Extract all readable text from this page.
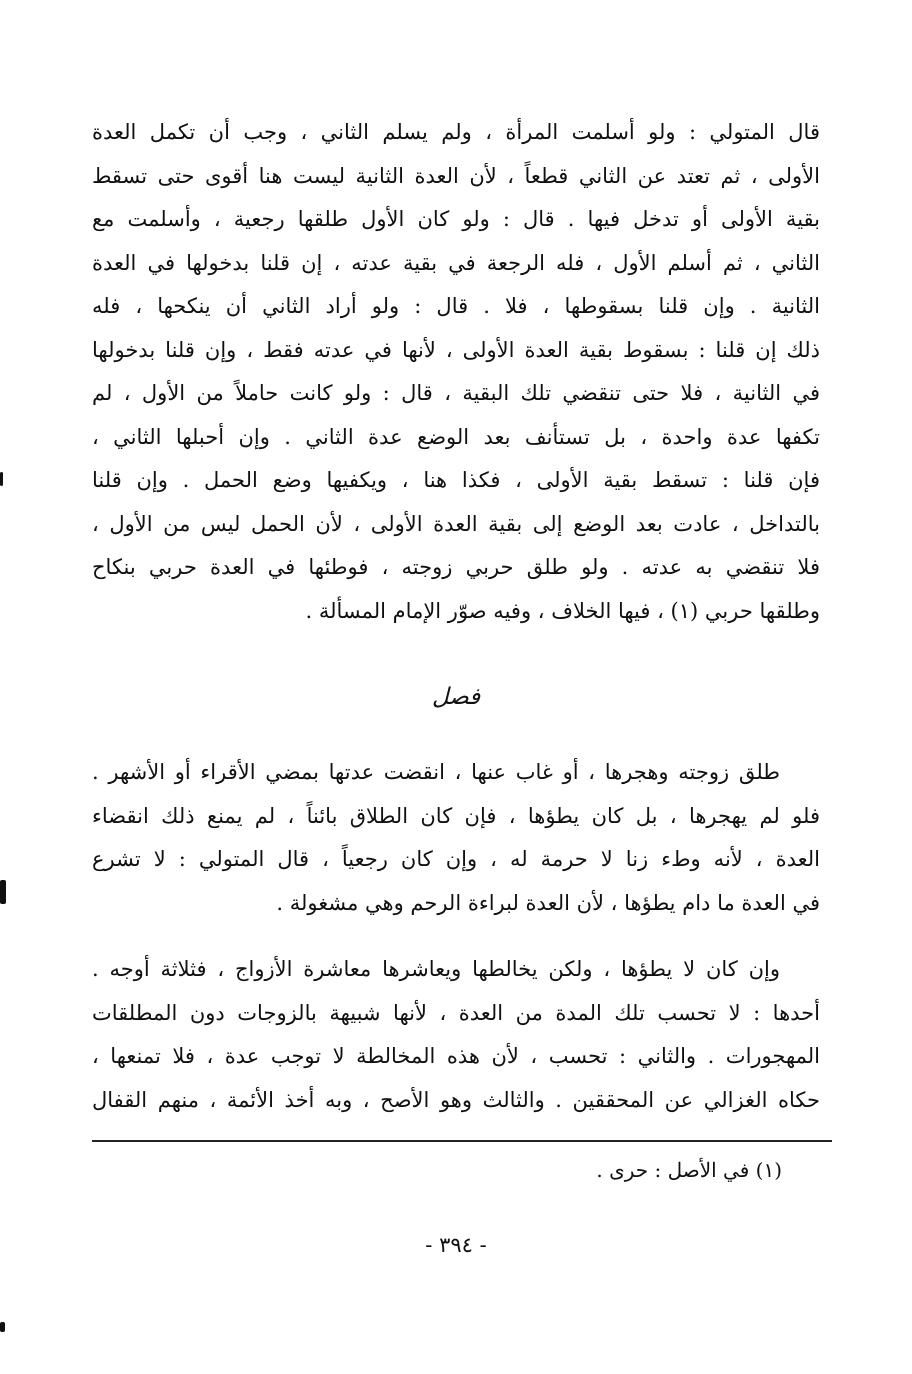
قال المتولي : ولو أسلمت المرأة ، ولم يسلم الثاني ، وجب أن تكمل العدة
الأولى ، ثم تعتد عن الثاني قطعاً ، لأن العدة الثانية ليست هنا أقوى حتى تسقط
بقية الأولى أو تدخل فيها . قال : ولو كان الأول طلقها رجعية ، وأسلمت مع
الثاني ، ثم أسلم الأول ، فله الرجعة في بقية عدته ، إن قلنا بدخولها في العدة
الثانية . وإن قلنا بسقوطها ، فلا . قال : ولو أراد الثاني أن ينكحها ، فله
ذلك إن قلنا : بسقوط بقية العدة الأولى ، لأنها في عدته فقط ، وإن قلنا بدخولها
في الثانية ، فلا حتى تنقضي تلك البقية ، قال : ولو كانت حاملاً من الأول ، لم
تكفها عدة واحدة ، بل تستأنف بعد الوضع عدة الثاني . وإن أحبلها الثاني ،
فإن قلنا : تسقط بقية الأولى ، فكذا هنا ، ويكفيها وضع الحمل . وإن قلنا
بالتداخل ، عادت بعد الوضع إلى بقية العدة الأولى ، لأن الحمل ليس من الأول ،
فلا تنقضي به عدته . ولو طلق حربي زوجته ، فوطئها في العدة حربي بنكاح
وطلقها حربي (١) ، فيها الخلاف ، وفيه صوّر الإمام المسألة .
فصل
طلق زوجته وهجرها ، أو غاب عنها ، انقضت عدتها بمضي الأقراء أو الأشهر .
فلو لم يهجرها ، بل كان يطؤها ، فإن كان الطلاق بائناً ، لم يمنع ذلك انقضاء
العدة ، لأنه وطء زنا لا حرمة له ، وإن كان رجعياً ، قال المتولي : لا تشرع
في العدة ما دام يطؤها ، لأن العدة لبراءة الرحم وهي مشغولة .
وإن كان لا يطؤها ، ولكن يخالطها ويعاشرها معاشرة الأزواج ، فثلاثة أوجه .
أحدها : لا تحسب تلك المدة من العدة ، لأنها شبيهة بالزوجات دون المطلقات
المهجورات . والثاني : تحسب ، لأن هذه المخالطة لا توجب عدة ، فلا تمنعها ،
حكاه الغزالي عن المحققين . والثالث وهو الأصح ، وبه أخذ الأئمة ، منهم القفال
(١) في الأصل : حرى .
- ٣٩٤ -
